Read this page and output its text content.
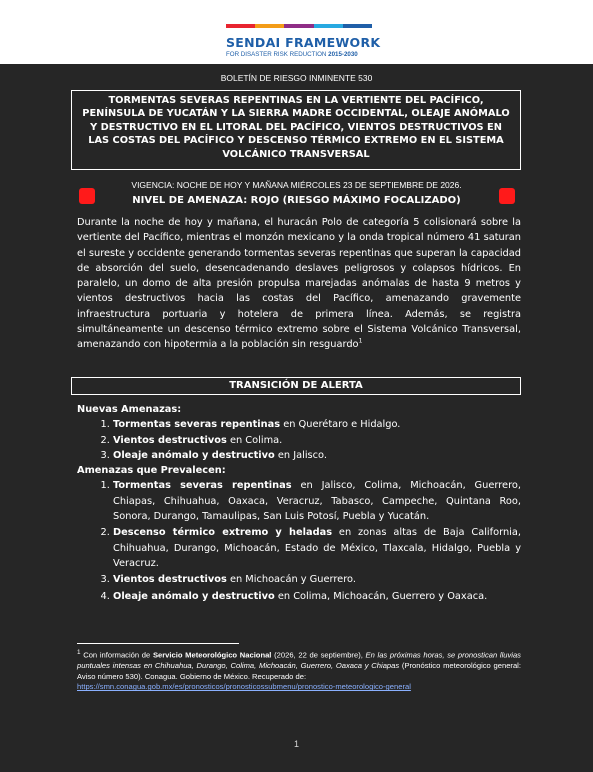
SENDAI FRAMEWORK
FOR DISASTER RISK REDUCTION 2015-2030
BOLETÍN DE RIESGO INMINENTE 530
TORMENTAS SEVERAS REPENTINAS EN LA VERTIENTE DEL PACÍFICO, PENÍNSULA DE YUCATÁN Y LA SIERRA MADRE OCCIDENTAL, OLEAJE ANÓMALO Y DESTRUCTIVO EN EL LITORAL DEL PACÍFICO, VIENTOS DESTRUCTIVOS EN LAS COSTAS DEL PACÍFICO Y DESCENSO TÉRMICO EXTREMO EN EL SISTEMA VOLCÁNICO TRANSVERSAL
VIGENCIA: NOCHE DE HOY Y MAÑANA MIÉRCOLES 23 DE SEPTIEMBRE DE 2026.
NIVEL DE AMENAZA: ROJO (RIESGO MÁXIMO FOCALIZADO)
Durante la noche de hoy y mañana, el huracán Polo de categoría 5 colisionará sobre la vertiente del Pacífico, mientras el monzón mexicano y la onda tropical número 41 saturan el sureste y occidente generando tormentas severas repentinas que superan la capacidad de absorción del suelo, desencadenando deslaves peligrosos y colapsos hídricos. En paralelo, un domo de alta presión propulsa marejadas anómalas de hasta 9 metros y vientos destructivos hacia las costas del Pacífico, amenazando gravemente infraestructura portuaria y hotelera de primera línea. Además, se registra simultáneamente un descenso térmico extremo sobre el Sistema Volcánico Transversal, amenazando con hipotermia a la población sin resguardo$^1$
TRANSICIÓN DE ALERTA
Nuevas Amenazas:
1. Tormentas severas repentinas en Querétaro e Hidalgo.
2. Vientos destructivos en Colima.
3. Oleaje anómalo y destructivo en Jalisco.
Amenazas que Prevalecen:
1. Tormentas severas repentinas en Jalisco, Colima, Michoacán, Guerrero, Chiapas, Chihuahua, Oaxaca, Veracruz, Tabasco, Campeche, Quintana Roo, Sonora, Durango, Tamaulipas, San Luis Potosí, Puebla y Yucatán.
2. Descenso térmico extremo y heladas en zonas altas de Baja California, Chihuahua, Durango, Michoacán, Estado de México, Tlaxcala, Hidalgo, Puebla y Veracruz.
3. Vientos destructivos en Michoacán y Guerrero.
4. Oleaje anómalo y destructivo en Colima, Michoacán, Guerrero y Oaxaca.
$^1$ Con información de Servicio Meteorológico Nacional (2026, 22 de septiembre), En las próximas horas, se pronostican lluvias puntuales intensas en Chihuahua, Durango, Colima, Michoacán, Guerrero, Oaxaca y Chiapas (Pronóstico meteorológico general: Aviso número 530). Conagua. Gobierno de México. Recuperado de:
https://smn.conagua.gob.mx/es/pronosticos/pronosticossubmenu/pronostico-meteorologico-general
1
